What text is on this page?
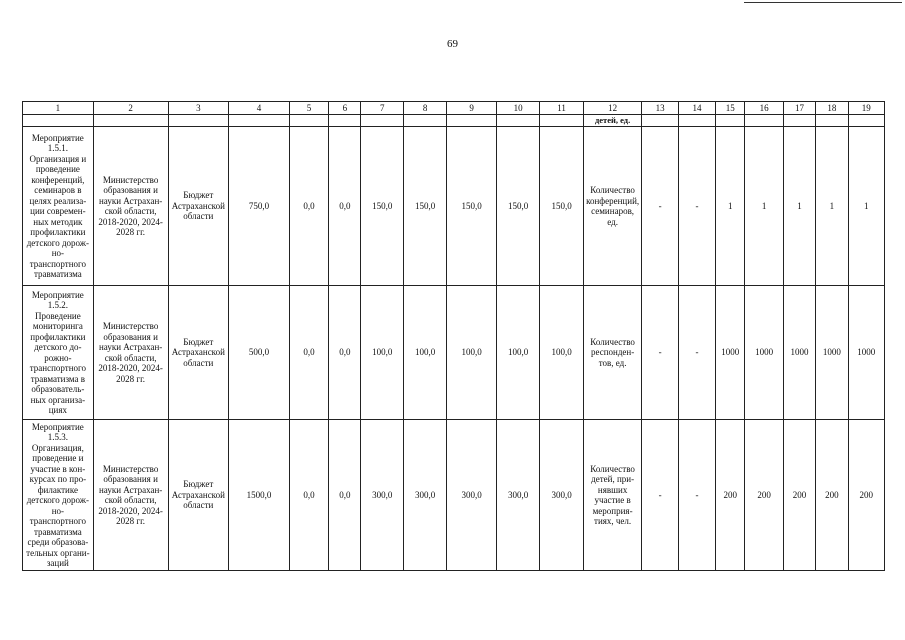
69
1	2	3	4	5	6	7	8	9	10	11	12	13	14	15	16	17	18	19
											детей, ед.							
Мероприятие 1.5.1. Организация и проведение конференций, семинаров в целях реализа-ции современ-ных методик профилактики детского дорож-но-транспортного травматизма	Министерство образования и науки Астрахан-ской области, 2018-2020, 2024-2028 гг.	Бюджет Астраханской области	750,0	0,0	0,0	150,0	150,0	150,0	150,0	150,0	Количество конференций, семинаров, ед.	-	-	1	1	1	1	1
Мероприятие 1.5.2. Проведение мониторинга профилактики детского до-рожно-транспортного травматизма в образователь-ных организа-циях	Министерство образования и науки Астрахан-ской области, 2018-2020, 2024-2028 гг.	Бюджет Астраханской области	500,0	0,0	0,0	100,0	100,0	100,0	100,0	100,0	Количество респонден-тов, ед.	-	-	1000	1000	1000	1000	1000
Мероприятие 1.5.3. Организация, проведение и участие в кон-курсах по про-филактике детского дорож-но-транспортного травматизма среди образова-тельных органи-заций	Министерство образования и науки Астрахан-ской области, 2018-2020, 2024-2028 гг.	Бюджет Астраханской области	1500,0	0,0	0,0	300,0	300,0	300,0	300,0	300,0	Количество детей, при-нявших участие в мероприя-тиях, чел.	-	-	200	200	200	200	200
